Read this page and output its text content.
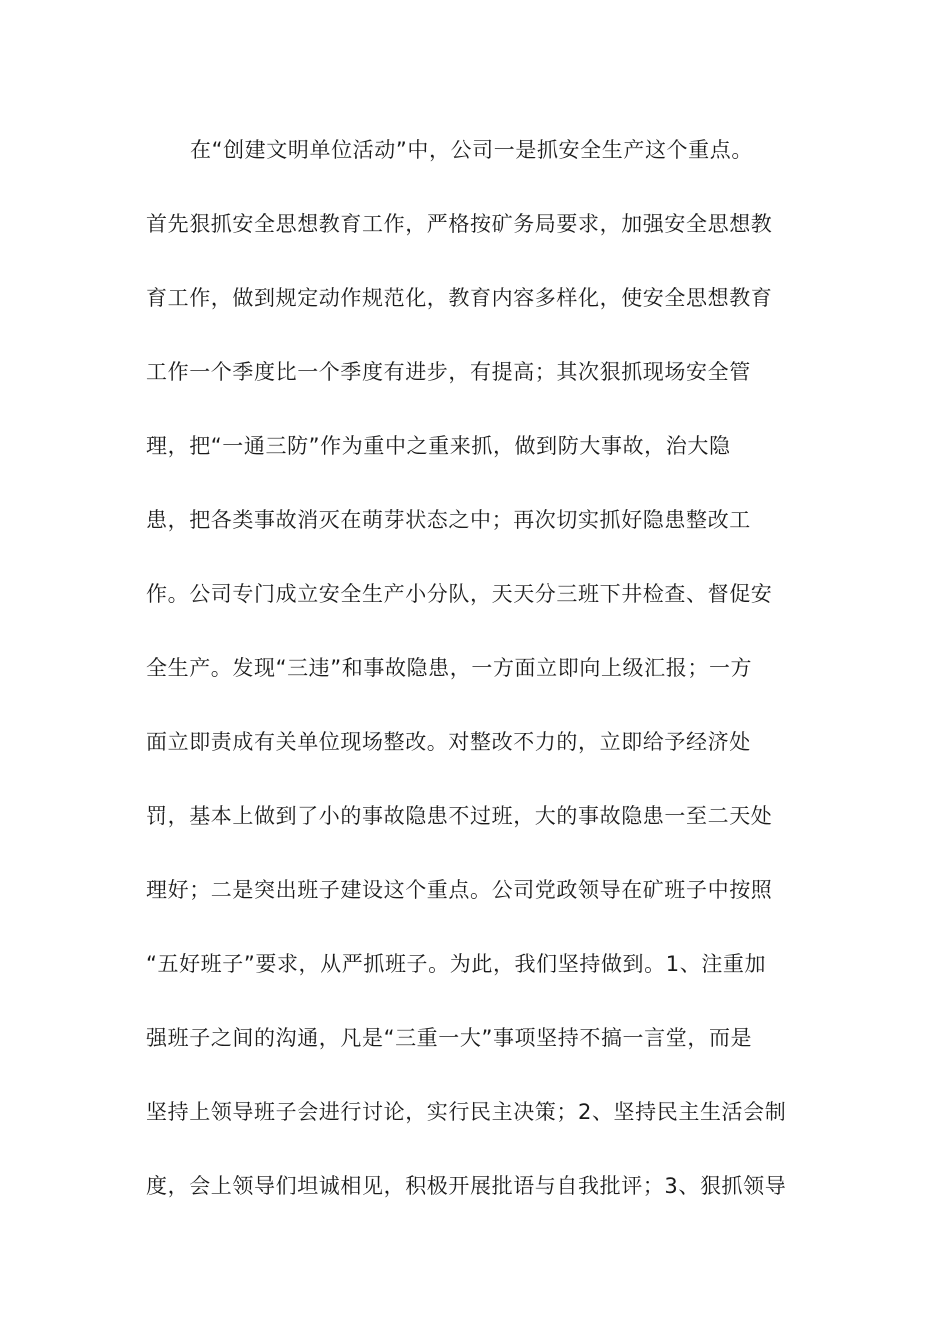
在“创建文明单位活动”中，公司一是抓安全生产这个重点。
首先狠抓安全思想教育工作，严格按矿务局要求，加强安全思想教
育工作，做到规定动作规范化，教育内容多样化，使安全思想教育
工作一个季度比一个季度有进步，有提高；其次狠抓现场安全管
理，把“一通三防”作为重中之重来抓，做到防大事故，治大隐
患，把各类事故消灭在萌芽状态之中；再次切实抓好隐患整改工
作。公司专门成立安全生产小分队，天天分三班下井检查、督促安
全生产。发现“三违”和事故隐患，一方面立即向上级汇报；一方
面立即责成有关单位现场整改。对整改不力的，立即给予经济处
罚，基本上做到了小的事故隐患不过班，大的事故隐患一至二天处
理好；二是突出班子建设这个重点。公司党政领导在矿班子中按照
“五好班子”要求，从严抓班子。为此，我们坚持做到。1、注重加
强班子之间的沟通，凡是“三重一大”事项坚持不搞一言堂，而是
坚持上领导班子会进行讨论，实行民主决策；2、坚持民主生活会制
度，会上领导们坦诚相见，积极开展批语与自我批评；3、狠抓领导
